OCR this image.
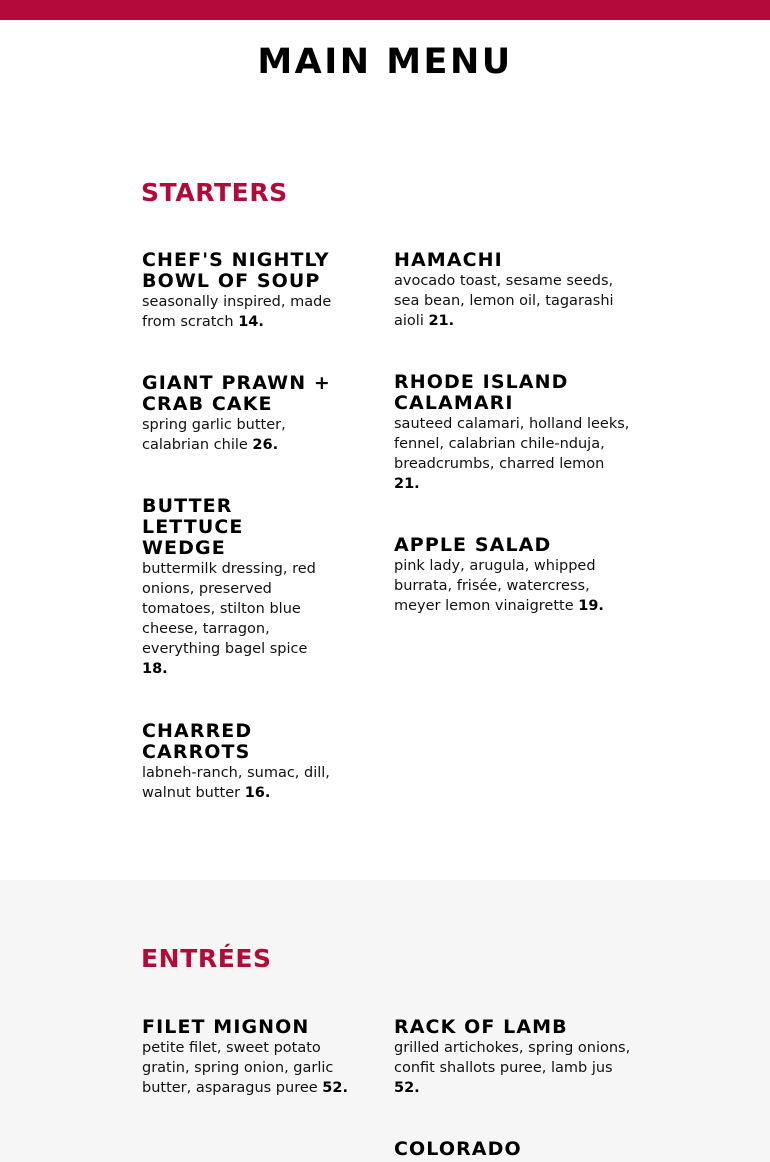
MAIN MENU
STARTERS
CHEF'S NIGHTLY BOWL OF SOUP
seasonally inspired, made from scratch 14.
GIANT PRAWN + CRAB CAKE
spring garlic butter, calabrian chile 26.
BUTTER LETTUCE WEDGE
buttermilk dressing, red onions, preserved tomatoes, stilton blue cheese, tarragon, everything bagel spice 18.
CHARRED CARROTS
labneh-ranch, sumac, dill, walnut butter 16.
HAMACHI
avocado toast, sesame seeds, sea bean, lemon oil, tagarashi aioli 21.
RHODE ISLAND CALAMARI
sauteed calamari, holland leeks, fennel, calabrian chile-nduja, breadcrumbs, charred lemon 21.
APPLE SALAD
pink lady, arugula, whipped burrata, frisée, watercress, meyer lemon vinaigrette 19.
ENTRÉES
FILET MIGNON
petite filet, sweet potato gratin, spring onion, garlic butter, asparagus puree 52.
RACK OF LAMB
grilled artichokes, spring onions, confit shallots puree, lamb jus 52.
COLORADO
